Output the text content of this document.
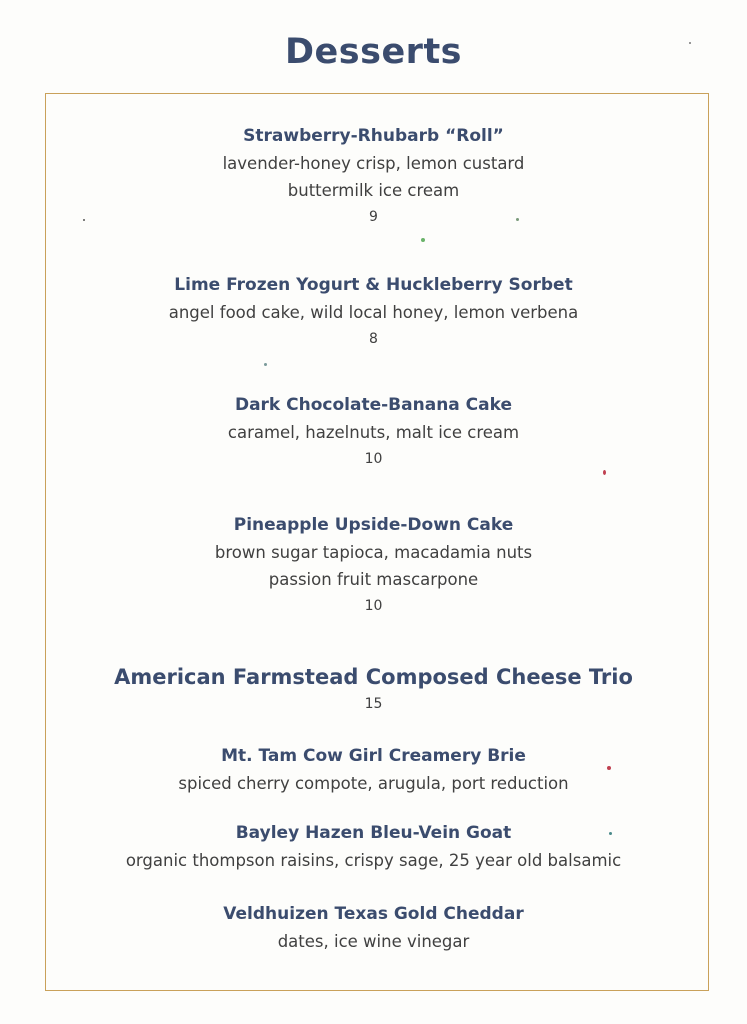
Desserts

Strawberry-Rhubarb “Roll”

lavender-honey crisp, lemon custard

buttermilk ice cream

9

Lime Frozen Yogurt & Huckleberry Sorbet

angel food cake, wild local honey, lemon verbena

8

Dark Chocolate-Banana Cake

caramel, hazelnuts, malt ice cream

10

Pineapple Upside-Down Cake

brown sugar tapioca, macadamia nuts

passion fruit mascarpone

10

American Farmstead Composed Cheese Trio

15

Mt. Tam Cow Girl Creamery Brie

spiced cherry compote, arugula, port reduction

Bayley Hazen Bleu-Vein Goat

organic thompson raisins, crispy sage, 25 year old balsamic

Veldhuizen Texas Gold Cheddar

dates, ice wine vinegar
